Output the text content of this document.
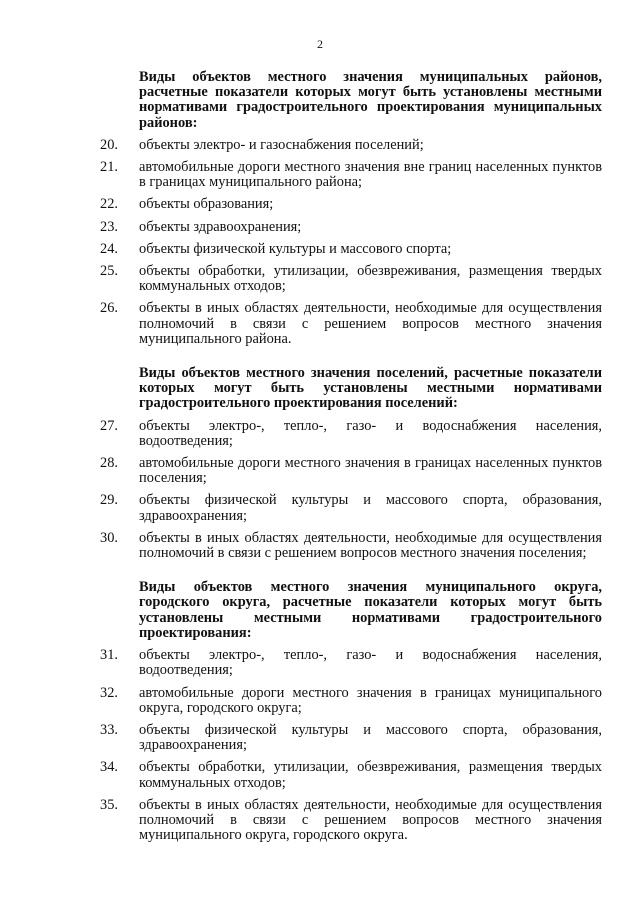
2
Виды объектов местного значения муниципальных районов, расчетные показатели которых могут быть установлены местными нормативами градостроительного проектирования муниципальных районов:
20.	объекты электро- и газоснабжения поселений;
21.	автомобильные дороги местного значения вне границ населенных пунктов в границах муниципального района;
22.	объекты образования;
23.	объекты здравоохранения;
24.	объекты физической культуры и массового спорта;
25.	объекты обработки, утилизации, обезвреживания, размещения твердых коммунальных отходов;
26.	объекты в иных областях деятельности, необходимые для осуществления полномочий в связи с решением вопросов местного значения муниципального района.
Виды объектов местного значения поселений, расчетные показатели которых могут быть установлены местными нормативами градостроительного проектирования поселений:
27.	объекты электро-, тепло-, газо- и водоснабжения населения, водоотведения;
28.	автомобильные дороги местного значения в границах населенных пунктов поселения;
29.	объекты физической культуры и массового спорта, образования, здравоохранения;
30.	объекты в иных областях деятельности, необходимые для осуществления полномочий в связи с решением вопросов местного значения поселения;
Виды объектов местного значения муниципального округа, городского округа, расчетные показатели которых могут быть установлены местными нормативами градостроительного проектирования:
31.	объекты электро-, тепло-, газо- и водоснабжения населения, водоотведения;
32.	автомобильные дороги местного значения в границах муниципального округа, городского округа;
33.	объекты физической культуры и массового спорта, образования, здравоохранения;
34.	объекты обработки, утилизации, обезвреживания, размещения твердых коммунальных отходов;
35.	объекты в иных областях деятельности, необходимые для осуществления полномочий в связи с решением вопросов местного значения муниципального округа, городского округа.
